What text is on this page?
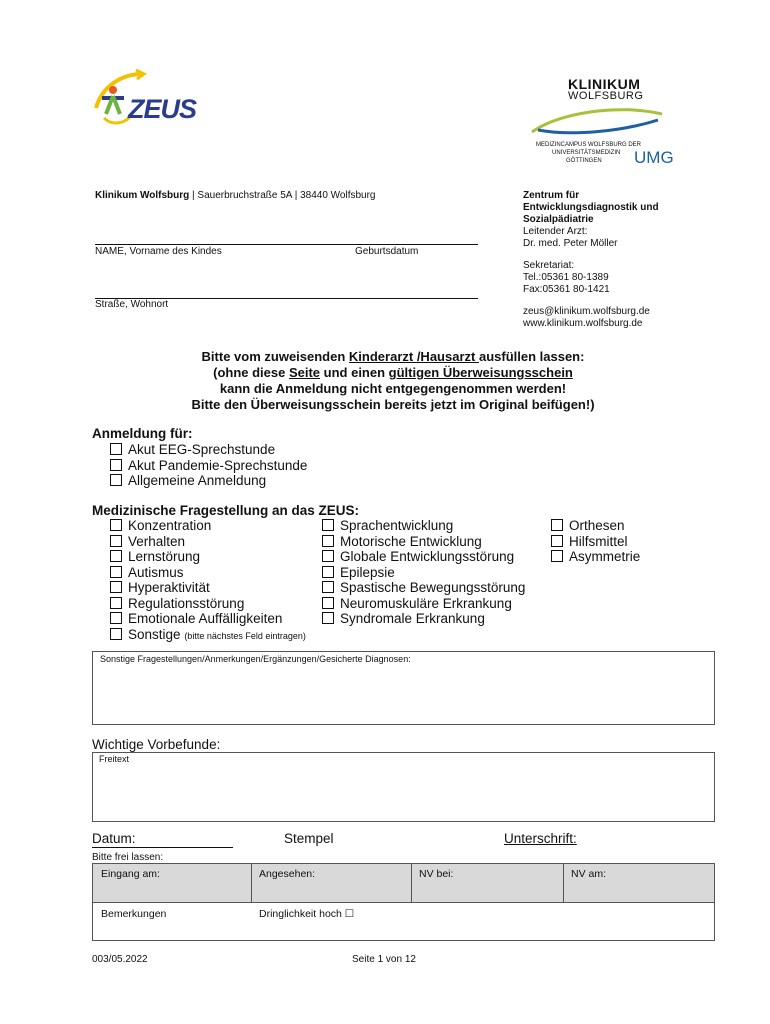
ZEUS
KLINIKUM
WOLFSBURG
MEDIZINCAMPUS WOLFSBURG DER
UNIVERSITÄTSMEDIZIN
GÖTTINGEN UMG
Klinikum Wolfsburg | Sauerbruchstraße 5A | 38440 Wolfsburg
NAME, Vorname des Kindes	Geburtsdatum
Straße, Wohnort
Zentrum für
Entwicklungsdiagnostik und
Sozialpädiatrie
Leitender Arzt:
Dr. med. Peter Möller
Sekretariat:
Tel.:05361 80-1389
Fax:05361 80-1421
zeus@klinikum.wolfsburg.de
www.klinikum.wolfsburg.de
Bitte vom zuweisenden Kinderarzt /Hausarzt ausfüllen lassen:
(ohne diese Seite und einen gültigen Überweisungsschein
kann die Anmeldung nicht entgegengenommen werden!
Bitte den Überweisungsschein bereits jetzt im Original beifügen!)
Anmeldung für:
Akut EEG-Sprechstunde
Akut Pandemie-Sprechstunde
Allgemeine Anmeldung
Medizinische Fragestellung an das ZEUS:
Konzentration
Verhalten
Lernstörung
Autismus
Hyperaktivität
Regulationsstörung
Emotionale Auffälligkeiten
Sonstige (bitte nächstes Feld eintragen)
Sprachentwicklung
Motorische Entwicklung
Globale Entwicklungsstörung
Epilepsie
Spastische Bewegungsstörung
Neuromuskuläre Erkrankung
Syndromale Erkrankung
Orthesen
Hilfsmittel
Asymmetrie
Sonstige Fragestellungen/Anmerkungen/Ergänzungen/Gesicherte Diagnosen:
Wichtige Vorbefunde:
Freitext
Datum:	Stempel	Unterschrift:
Bitte frei lassen:
Eingang am:	Angesehen:	NV bei:	NV am:
Bemerkungen	Dringlichkeit hoch ☐
003/05.2022	Seite 1 von 12
